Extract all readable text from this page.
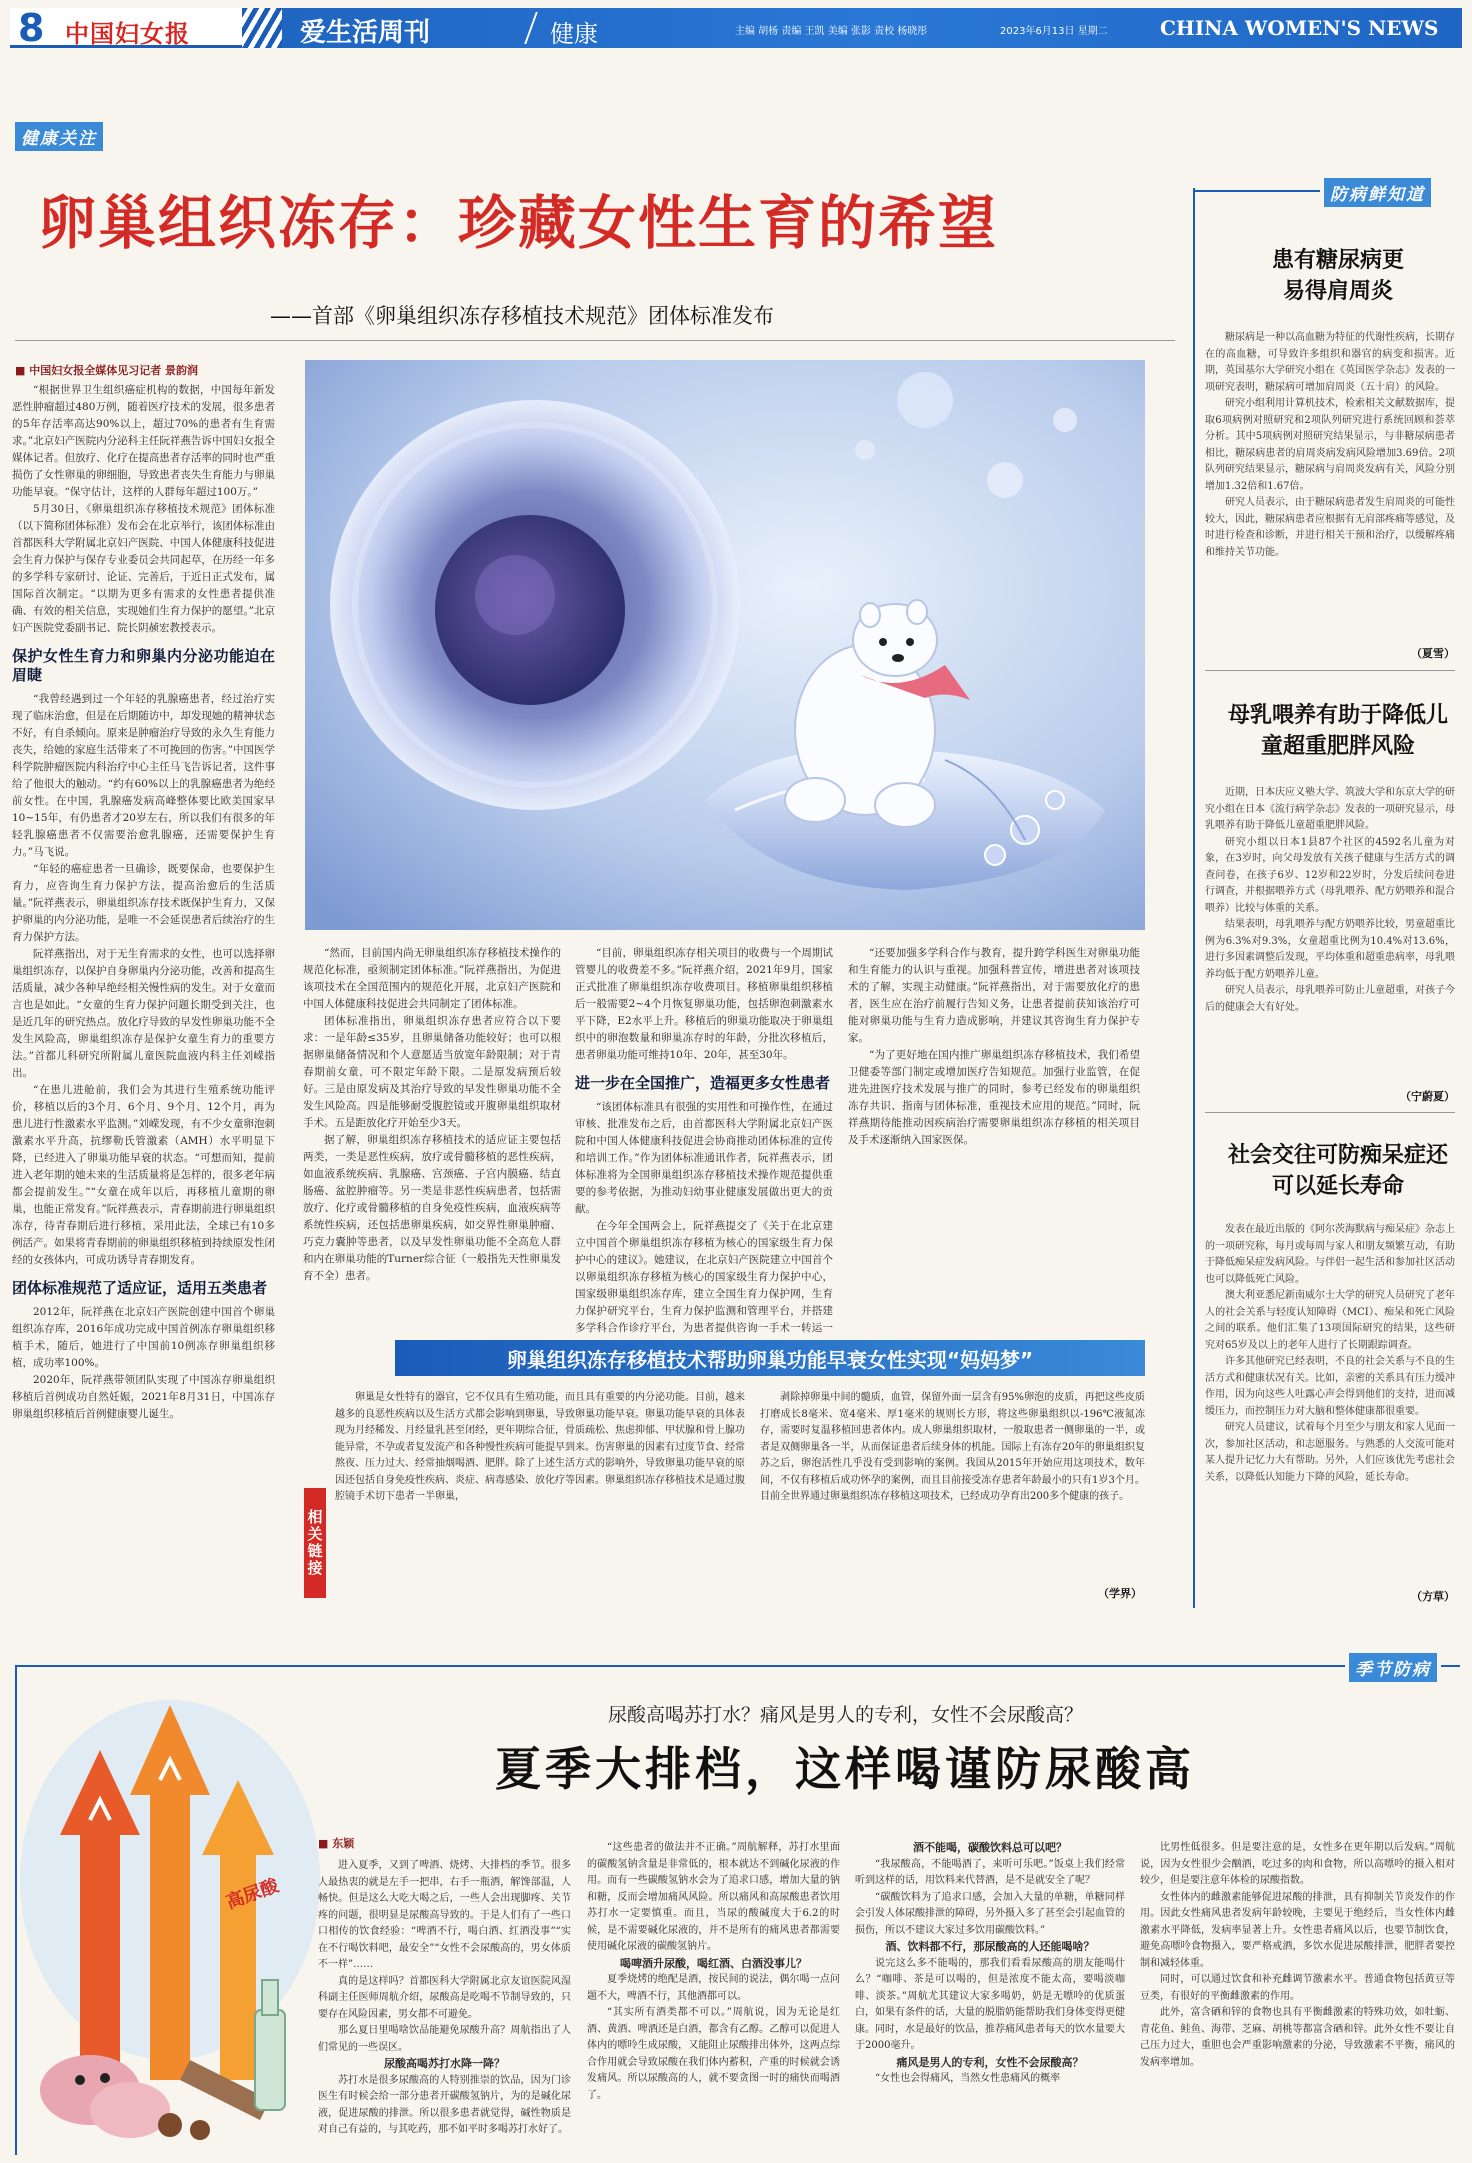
8 中国妇女报	爱生活周刊	健康	主编 胡杨 责编 王凯 美编 张影 责校 杨晓彤	2023年6月13日 星期二	CHINA WOMEN'S NEWS
健康关注
卵巢组织冻存：珍藏女性生育的希望
——首部《卵巢组织冻存移植技术规范》团体标准发布
■ 中国妇女报全媒体见习记者 景韵润

“根据世界卫生组织癌症机构的数据，中国每年新发恶性肿瘤超过480万例，随着医疗技术的发展，很多患者的5年存活率高达90%以上，超过70%的患者有生育需求。”北京妇产医院内分泌科主任阮祥燕告诉中国妇女报全媒体记者。但放疗、化疗在提高患者存活率的同时也严重损伤了女性卵巢的卵细胞，导致患者丧失生育能力与卵巢功能早衰。“保守估计，这样的人群每年超过100万。”

5月30日，《卵巢组织冻存移植技术规范》团体标准（以下简称团体标准）发布会在北京举行，该团体标准由首都医科大学附属北京妇产医院、中国人体健康科技促进会生育力保护与保存专业委员会共同起草，在历经一年多的多学科专家研讨、论证、完善后，于近日正式发布，属国际首次制定。“以期为更多有需求的女性患者提供准确、有效的相关信息，实现她们生育力保护的愿望。”北京妇产医院党委副书记、院长阴赪宏教授表示。

保护女性生育力和卵巢内分泌功能迫在眉睫

“我曾经遇到过一个年轻的乳腺癌患者，经过治疗实现了临床治愈，但是在后期随访中，却发现她的精神状态不好，有自杀倾向。原来是肿瘤治疗导致的永久生育能力丧失，给她的家庭生活带来了不可挽回的伤害。”中国医学科学院肿瘤医院内科治疗中心主任马飞告诉记者，这件事给了他很大的触动。“约有60%以上的乳腺癌患者为绝经前女性。在中国，乳腺癌发病高峰整体要比欧美国家早10~15年，有仍患者才20岁左右，所以我们有很多的年轻乳腺癌患者不仅需要治愈乳腺癌，还需要保护生育力。”马飞说。

“年轻的癌症患者一旦确诊，既要保命，也要保护生育力，应咨询生育力保护方法，提高治愈后的生活质量。”阮祥燕表示，卵巢组织冻存技术既保护生育力，又保护卵巢的内分泌功能，是唯一不会延误患者后续治疗的生育力保护方法。

阮祥燕指出，对于无生育需求的女性，也可以选择卵巢组织冻存，以保护自身卵巢内分泌功能，改善和提高生活质量，减少各种早绝经相关慢性病的发生。对于女童而言也是如此。“女童的生育力保护问题长期受到关注，也是近几年的研究热点。放化疗导致的早发性卵巢功能不全发生风险高，卵巢组织冻存是保护女童生育力的重要方法。”首都儿科研究所附属儿童医院血液内科主任刘嵘指出。

“在患儿进舱前，我们会为其进行生殖系统功能评价，移植以后的3个月、6个月、9个月、12个月，再为患儿进行性激素水平监测。”刘嵘发现，有不少女童卵泡刺激素水平升高，抗缪勒氏管激素（AMH）水平明显下降，已经进入了卵巢功能早衰的状态。“可想而知，提前进入老年期的她未来的生活质量将是怎样的，很多老年病都会提前发生。”“女童在成年以后，再移植儿童期的卵巢，也能正常发育。”阮祥燕表示，青春期前进行卵巢组织冻存，待青春期后进行移植，采用此法，全球已有10多例活产。如果将青春期前的卵巢组织移植到持续原发性闭经的女孩体内，可成功诱导青春期发育。

团体标准规范了适应证，适用五类患者

2012年，阮祥燕在北京妇产医院创建中国首个卵巢组织冻存库，2016年成功完成中国首例冻存卵巢组织移植手术，随后，她进行了中国前10例冻存卵巢组织移植，成功率100%。

2020年，阮祥燕带领团队实现了中国冻存卵巢组织移植后首例成功自然妊娠，2021年8月31日，中国冻存卵巢组织移植后首例健康婴儿诞生。

“然而，目前国内尚无卵巢组织冻存移植技术操作的规范化标准，亟须制定团体标准。”阮祥燕指出，为促进该项技术在全国范围内的规范化开展，北京妇产医院和中国人体健康科技促进会共同制定了团体标准。

团体标准指出，卵巢组织冻存患者应符合以下要求：一是年龄≤35岁，且卵巢储备功能较好；也可以根据卵巢储备情况和个人意愿适当放宽年龄限制；对于青春期前女童，可不限定年龄下限。二是原发病预后较好。三是由原发病及其治疗导致的早发性卵巢功能不全发生风险高。四是能够耐受腹腔镜或开腹卵巢组织取材手术。五是距放化疗开始至少3天。

据了解，卵巢组织冻存移植技术的适应证主要包括两类，一类是恶性疾病，放疗或骨髓移植的恶性疾病，如血液系统疾病、乳腺癌、宫颈癌、子宫内膜癌、结直肠癌、盆腔肿瘤等。另一类是非恶性疾病患者，包括需放疗、化疗或骨髓移植的自身免疫性疾病，血液疾病等系统性疾病，还包括患卵巢疾病，如交界性卵巢肿瘤、巧克力囊肿等患者，以及早发性卵巢功能不全高危人群和内在卵巢功能的Turner综合征（一般指先天性卵巢发育不全）患者。

“目前，卵巢组织冻存相关项目的收费与一个周期试管婴儿的收费差不多。”阮祥燕介绍，2021年9月，国家正式批准了卵巢组织冻存收费项目。移植卵巢组织移植后一般需要2~4个月恢复卵巢功能，包括卵泡刺激素水平下降，E2水平上升。移植后的卵巢功能取决于卵巢组织中的卵泡数量和卵巢冻存时的年龄，分批次移植后，患者卵巢功能可维持10年、20年，甚至30年。

进一步在全国推广，造福更多女性患者

“该团体标准具有很强的实用性和可操作性，在通过审核、批准发布之后，由首都医科大学附属北京妇产医院和中国人体健康科技促进会协商推动团体标准的宣传和培训工作。”作为团体标准通讯作者，阮祥燕表示，团体标准将为全国卵巢组织冻存移植技术操作规范提供重要的参考依据，为推动妇幼事业健康发展做出更大的贡献。

在今年全国两会上，阮祥燕提交了《关于在北京建立中国首个卵巢组织冻存移植为核心的国家级生育力保护中心的建议》。她建议，在北京妇产医院建立中国首个以卵巢组织冻存移植为核心的国家级生育力保护中心，国家级卵巢组织冻存库，建立全国生育力保护网，生育力保护研究平台，生育力保护监测和管理平台，并搭建多学科合作诊疗平台，为患者提供咨询一手术一转运一

“还要加强多学科合作与教育，提升跨学科医生对卵巢功能和生育能力的认识与重视。加强科普宣传，增进患者对该项技术的了解，实现主动健康。”阮祥燕指出，对于需要放化疗的患者，医生应在治疗前履行告知义务，让患者提前获知该治疗可能对卵巢功能与生育力造成影响，并建议其咨询生育力保护专家。

“为了更好地在国内推广卵巢组织冻存移植技术，我们希望卫健委等部门制定或增加医疗告知规范。加强行业监管，在促进先进医疗技术发展与推广的同时，参考已经发布的卵巢组织冻存共识、指南与团体标准，重视技术应用的规范。”同时，阮祥燕期待能推动因疾病治疗需要卵巢组织冻存移植的相关项目及手术逐渐纳入国家医保。

卵巢组织冻存移植技术帮助卵巢功能早衰女性实现“妈妈梦”
相关链接

卵巢是女性特有的器官，它不仅具有生殖功能，而且具有重要的内分泌功能。目前，越来越多的良恶性疾病以及生活方式都会影响到卵巢，导致卵巢功能早衰。卵巢功能早衰的具体表现为月经稀发、月经量乳甚至闭经，更年期综合征，骨质疏松、焦虑抑郁、甲状腺和骨上腺功能异常，不孕或者复发流产和各种慢性疾病可能提早到来。伤害卵巢的因素有过度节食、经常熬夜、压力过大、经常抽烟喝酒、肥胖。除了上述生活方式的影响外，导致卵巢功能早衰的原因还包括自身免疫性疾病、炎症、病毒感染、放化疗等因素。卵巢组织冻存移植技术是通过腹腔镜手术切下患者一半卵巢，

剥除掉卵巢中间的髓质，血管，保留外面一层含有95%卵泡的皮质，再把这些皮质打磨成长8毫米、宽4毫米、厚1毫米的规则长方形，将这些卵巢组织以-196℃液氮冻存，需要时复温移植回患者体内。成人卵巢组织取材，一般取患者一侧卵巢的一半，或者是双侧卵巢各一半，从而保证患者后续身体的机能。国际上有冻存20年的卵巢组织复苏之后，卵泡活性几乎没有受到影响的案例。我国从2015年开始应用这项技术，数年间，不仅有移植后成功怀孕的案例，而且目前接受冻存患者年龄最小的只有1岁3个月。目前全世界通过卵巢组织冻存移植这项技术，已经成功孕育出200多个健康的孩子。

（学界）
防病鲜知道
患有糖尿病更易得肩周炎

糖尿病是一种以高血糖为特征的代谢性疾病，长期存在的高血糖，可导致许多组织和器官的病变和损害。近期，英国基尔大学研究小组在《英国医学杂志》发表的一项研究表明，糖尿病可增加肩周炎（五十肩）的风险。

研究小组利用计算机技术，检索相关文献数据库，提取6项病例对照研究和2项队列研究进行系统回顾和荟萃分析。其中5项病例对照研究结果显示，与非糖尿病患者相比，糖尿病患者的肩周炎病发病风险增加3.69倍。2项队列研究结果显示，糖尿病与肩周炎发病有关，风险分别增加1.32倍和1.67倍。

研究人员表示，由于糖尿病患者发生肩周炎的可能性较大，因此，糖尿病患者应根据有无肩部疼痛等感觉，及时进行检查和诊断，并进行相关干预和治疗，以缓解疼痛和维持关节功能。

（夏雪）
母乳喂养有助于降低儿童超重肥胖风险

近期，日本庆应义塾大学、筑波大学和东京大学的研究小组在日本《流行病学杂志》发表的一项研究显示，母乳喂养有助于降低儿童超重肥胖风险。

研究小组以日本1县87个社区的4592名儿童为对象，在3岁时，向父母发放有关孩子健康与生活方式的调查问卷，在孩子6岁、12岁和22岁时，分发后续问卷进行调查，并根据喂养方式（母乳喂养、配方奶喂养和混合喂养）比较与体重的关系。

结果表明，母乳喂养与配方奶喂养比较，男童超重比例为6.3%对9.3%，女童超重比例为10.4%对13.6%，进行多因素调整后发现，平均体重和超重患病率，母乳喂养均低于配方奶喂养儿童。

研究人员表示，母乳喂养可防止儿童超重，对孩子今后的健康会大有好处。

（宁蔚夏）
社会交往可防痴呆症还可以延长寿命

发表在最近出版的《阿尔茨海默病与痴呆症》杂志上的一项研究称，每月或每周与家人和朋友频繁互动，有助于降低痴呆症发病风险。与伴侣一起生活和参加社区活动也可以降低死亡风险。

澳大利亚悉尼新南威尔士大学的研究人员研究了老年人的社会关系与轻度认知障碍（MCI）、痴呆和死亡风险之间的联系。他们汇集了13项国际研究的结果，这些研究对65岁及以上的老年人进行了长期跟踪调查。

许多其他研究已经表明，不良的社会关系与不良的生活方式和健康状况有关。比如，亲密的关系具有压力缓冲作用，因为向这些人吐露心声会得到他们的支持，进而减缓压力，而控制压力对大脑和整体健康都很重要。

研究人员建议，试着每个月至少与朋友和家人见面一次，参加社区活动，和志愿服务。与熟悉的人交流可能对某人提升记忆力大有帮助。另外，人们应该优先考虑社会关系，以降低认知能力下降的风险，延长寿命。

（方草）
季节防病
尿酸高喝苏打水？痛风是男人的专利，女性不会尿酸高？
夏季大排档，这样喝谨防尿酸高
高尿酸
■ 东颖

进入夏季，又到了啤酒、烧烤、大排档的季节。很多人最热衷的就是左手一把串，右手一瓶酒，解馋部温，人畅快。但是这么大吃大喝之后，一些人会出现脚疼、关节疼的问题，很明显是尿酸高导致的。于是人们有了一些口口相传的饮食经验：“啤酒不行，喝白酒、红酒没事”“实在不行喝饮料吧，最安全”“女性不会尿酸高的，男女体质不一样”……

真的是这样吗？首都医科大学附属北京友谊医院风湿科副主任医师周航介绍，尿酸高是吃喝不节制导致的，只要存在风险因素，男女都不可避免。

那么夏日里喝啥饮品能避免尿酸升高？周航指出了人们常见的一些误区。

尿酸高喝苏打水降一降？

苏打水是很多尿酸高的人特别推崇的饮品，因为门诊医生有时候会给一部分患者开碳酸氢钠片，为的是碱化尿液，促进尿酸的排泄。所以很多患者就觉得，碱性物质是对自己有益的，与其吃药，那不如平时多喝苏打水好了。

“这些患者的做法并不正确。”周航解释，苏打水里面的碳酸氢钠含量是非常低的，根本就达不到碱化尿液的作用。而有一些碳酸氢钠水会为了追求口感，增加大量的钠和糖，反而会增加痛风风险。所以痛风和高尿酸患者饮用苏打水一定要慎重。而且，当尿的酸碱度大于6.2的时候，是不需要碱化尿液的，并不是所有的痛风患者都需要使用碱化尿液的碳酸氢钠片。

喝啤酒升尿酸，喝红酒、白酒没事儿？

夏季烧烤的绝配是酒，按民间的说法，偶尔喝一点问题不大，啤酒不行，其他酒都可以。

“其实所有酒类都不可以。”周航说，因为无论是红酒、黄酒、啤酒还是白酒，都含有乙醇。乙醇可以促进人体内的嘌呤生成尿酸，又能阻止尿酸排出体外，这两点综合作用就会导致尿酸在我们体内蓄积，产重的时候就会诱发痛风。所以尿酸高的人，就不要贪图一时的痛快而喝酒了。

酒不能喝，碳酸饮料总可以吧？

“我尿酸高，不能喝酒了，来听可乐吧。”饭桌上我们经常听到这样的话，用饮料来代替酒，是不是就安全了呢？

“碳酸饮料为了追求口感，会加入大量的单糖，单糖同样会引发人体尿酸排泄的障碍，另外摄入多了甚至会引起血管的损伤，所以不建议大家过多饮用碳酸饮料。”

酒、饮料都不行，那尿酸高的人还能喝啥？

说完这么多不能喝的，那我们看看尿酸高的朋友能喝什么？“咖啡、茶是可以喝的，但是浓度不能太高，要喝淡咖啡、淡茶。”周航尤其建议大家多喝奶，奶是无嘌呤的优质蛋白，如果有条件的话，大量的脱脂奶能帮助我们身体变得更健康。同时，水是最好的饮品，推荐痛风患者每天的饮水量要大于2000毫升。

痛风是男人的专利，女性不会尿酸高？

“女性也会得痛风，当然女性患痛风的概率

比男性低很多。但是要注意的是，女性多在更年期以后发病。”周航说，因为女性很少会酗酒，吃过多的肉和食物，所以高嘌呤的摄入相对较少，但是要注意年体检的尿酸指数。

女性体内的雌激素能够促进尿酸的排泄，具有抑制关节炎发作的作用。因此女性痛风患者发病年龄较晚，主要见于绝经后，当女性体内雌激素水平降低，发病率显著上升。女性患者痛风以后，也要节制饮食，避免高嘌呤食物摄入，要严格戒酒，多饮水促进尿酸排泄，肥胖者要控制和减轻体重。

同时，可以通过饮食和补充雌调节激素水平。普通食物包括黄豆等豆类，有很好的平衡雌激素的作用。

此外，富含硒和锌的食物也具有平衡雌激素的特殊功效，如牡蛎、青花鱼、鲑鱼、海带、芝麻、胡桃等都富含硒和锌。此外女性不要让自己压力过大，重胆也会严重影响激素的分泌，导致激素不平衡，痛风的发病率增加。
